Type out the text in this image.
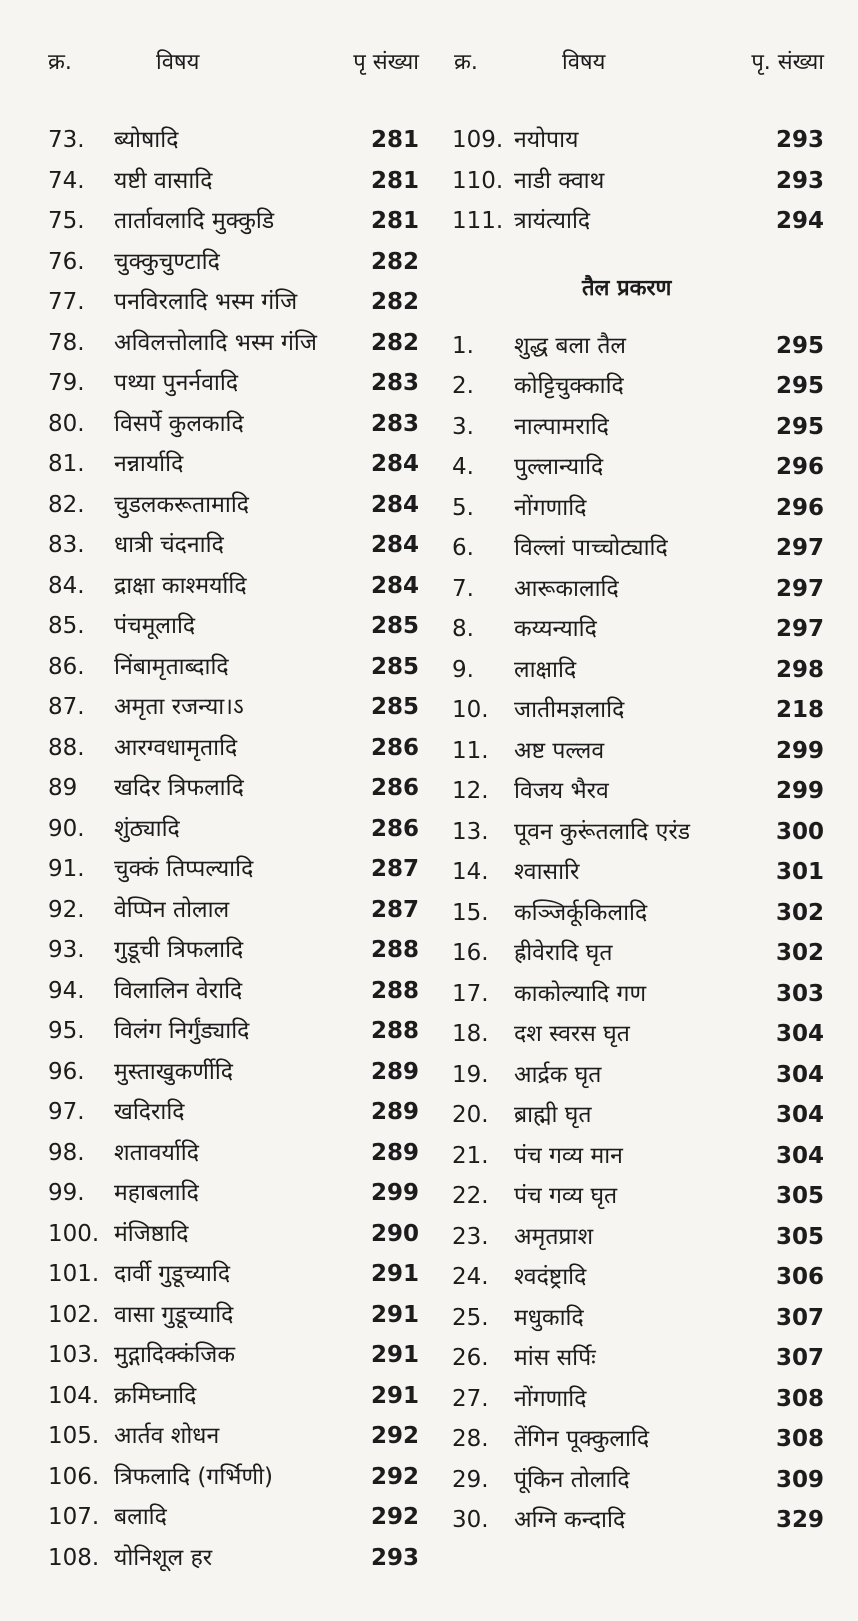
क्र.	विषय	पृ संख्या
73. ब्योषादि	281
74. यष्टी वासादि	281
75. तार्तावलादि मुक्कुडि	281
76. चुक्कुचुण्टादि	282
77. पनविरलादि भस्म गंजि	282
78. अविलत्तोलादि भस्म गंजि 282
79. पथ्या पुनर्नवादि	283
80. विसर्पे कुलकादि	283
81. नन्नार्यादि	284
82. चुडलकरूतामादि	284
83. धात्री चंदनादि	284
84. द्राक्षा काश्मर्यादि	284
85. पंचमूलादि	285
86. निंबामृताब्दादि	285
87. अमृता रजन्या।ऽ	285
88. आरग्वधामृतादि	286
89 खदिर त्रिफलादि	286
90. शुंठ्यादि	286
91. चुक्कं तिप्पल्यादि	287
92. वेप्पिन तोलाल	287
93. गुडूची त्रिफलादि	288
94. विलालिन वेरादि	288
95. विलंग निर्गुंड्यादि	288
96. मुस्ताखुकर्णीदि	289
97. खदिरादि	289
98. शतावर्यादि	289
99. महाबलादि	299
100. मंजिष्ठादि	290
101. दार्वी गुडूच्यादि	291
102. वासा गुडूच्यादि	291
103. मुद्गादिक्कंजिक	291
104. क्रमिघ्नादि	291
105. आर्तव शोधन	292
106. त्रिफलादि (गर्भिणी)	292
107. बलादि	292
108. योनिशूल हर	293
क्र.	विषय	पृ. संख्या
109. नयोपाय	293
110. नाडी क्वाथ	293
111. त्रायंत्यादि	294
तैल प्रकरण
1. शुद्ध बला तैल	295
2. कोट्टिचुक्कादि	295
3. नाल्पामरादि	295
4. पुल्लान्यादि	296
5. नोंगणादि	296
6. विल्लां पाच्चोट्यादि	297
7. आरूकालादि	297
8. कय्यन्यादि	297
9. लाक्षादि	298
10. जातीमज्ञलादि	218
11. अष्ट पल्लव	299
12. विजय भैरव	299
13. पूवन कुरूंतलादि एरंड	300
14. श्वासारि	301
15. कञ्जिर्कूकिलादि	302
16. ह्रीवेरादि घृत	302
17. काकोल्यादि गण	303
18. दश स्वरस घृत	304
19. आर्द्रक घृत	304
20. ब्राह्मी घृत	304
21. पंच गव्य मान	304
22. पंच गव्य घृत	305
23. अमृतप्राश	305
24. श्वदंष्ट्रादि	306
25. मधुकादि	307
26. मांस सर्पिः	307
27. नोंगणादि	308
28. तेंगिन पूक्कुलादि	308
29. पूंकिन तोलादि	309
30. अग्नि कन्दादि	329
